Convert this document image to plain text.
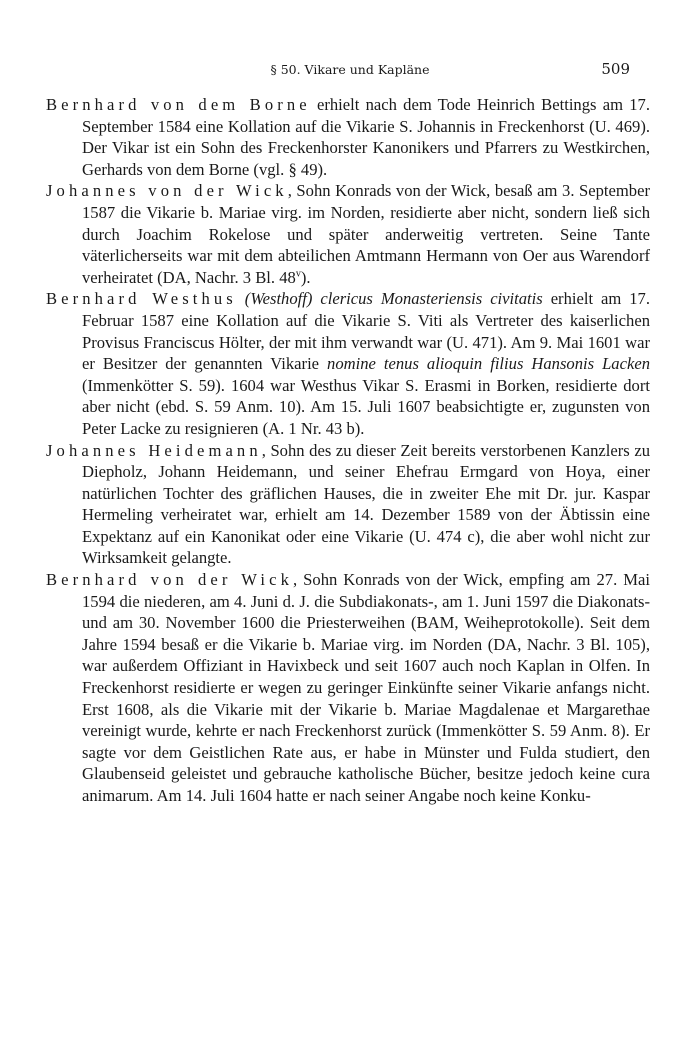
§ 50. Vikare und Kapläne	509

Bernhard von dem Borne erhielt nach dem Tode Heinrich Bettings am 17. September 1584 eine Kollation auf die Vikarie S. Johannis in Freckenhorst (U. 469). Der Vikar ist ein Sohn des Freckenhorster Kanonikers und Pfarrers zu Westkirchen, Gerhards von dem Borne (vgl. § 49).

Johannes von der Wick, Sohn Konrads von der Wick, besaß am 3. September 1587 die Vikarie b. Mariae virg. im Norden, residierte aber nicht, sondern ließ sich durch Joachim Rokelose und später anderweitig vertreten. Seine Tante väterlicherseits war mit dem abteilichen Amtmann Hermann von Oer aus Warendorf verheiratet (DA, Nachr. 3 Bl. 48$^v$).

Bernhard Westhus (Westhoff) clericus Monasteriensis civitatis erhielt am 17. Februar 1587 eine Kollation auf die Vikarie S. Viti als Vertreter des kaiserlichen Provisus Franciscus Hölter, der mit ihm verwandt war (U. 471). Am 9. Mai 1601 war er Besitzer der genannten Vikarie nomine tenus alioquin filius Hansonis Lacken (Immenkötter S. 59). 1604 war Westhus Vikar S. Erasmi in Borken, residierte dort aber nicht (ebd. S. 59 Anm. 10). Am 15. Juli 1607 beabsichtigte er, zugunsten von Peter Lacke zu resignieren (A. 1 Nr. 43 b).

Johannes Heidemann, Sohn des zu dieser Zeit bereits verstorbenen Kanzlers zu Diepholz, Johann Heidemann, und seiner Ehefrau Ermgard von Hoya, einer natürlichen Tochter des gräflichen Hauses, die in zweiter Ehe mit Dr. jur. Kaspar Hermeling verheiratet war, erhielt am 14. Dezember 1589 von der Äbtissin eine Expektanz auf ein Kanonikat oder eine Vikarie (U. 474 c), die aber wohl nicht zur Wirksamkeit gelangte.

Bernhard von der Wick, Sohn Konrads von der Wick, empfing am 27. Mai 1594 die niederen, am 4. Juni d. J. die Subdiakonats-, am 1. Juni 1597 die Diakonats- und am 30. November 1600 die Priesterweihen (BAM, Weiheprotokolle). Seit dem Jahre 1594 besaß er die Vikarie b. Mariae virg. im Norden (DA, Nachr. 3 Bl. 105), war außerdem Offiziant in Havixbeck und seit 1607 auch noch Kaplan in Olfen. In Freckenhorst residierte er wegen zu geringer Einkünfte seiner Vikarie anfangs nicht. Erst 1608, als die Vikarie mit der Vikarie b. Mariae Magdalenae et Margarethae vereinigt wurde, kehrte er nach Freckenhorst zurück (Immenkötter S. 59 Anm. 8). Er sagte vor dem Geistlichen Rate aus, er habe in Münster und Fulda studiert, den Glaubenseid geleistet und gebrauche katholische Bücher, besitze jedoch keine cura animarum. Am 14. Juli 1604 hatte er nach seiner Angabe noch keine Konku-
